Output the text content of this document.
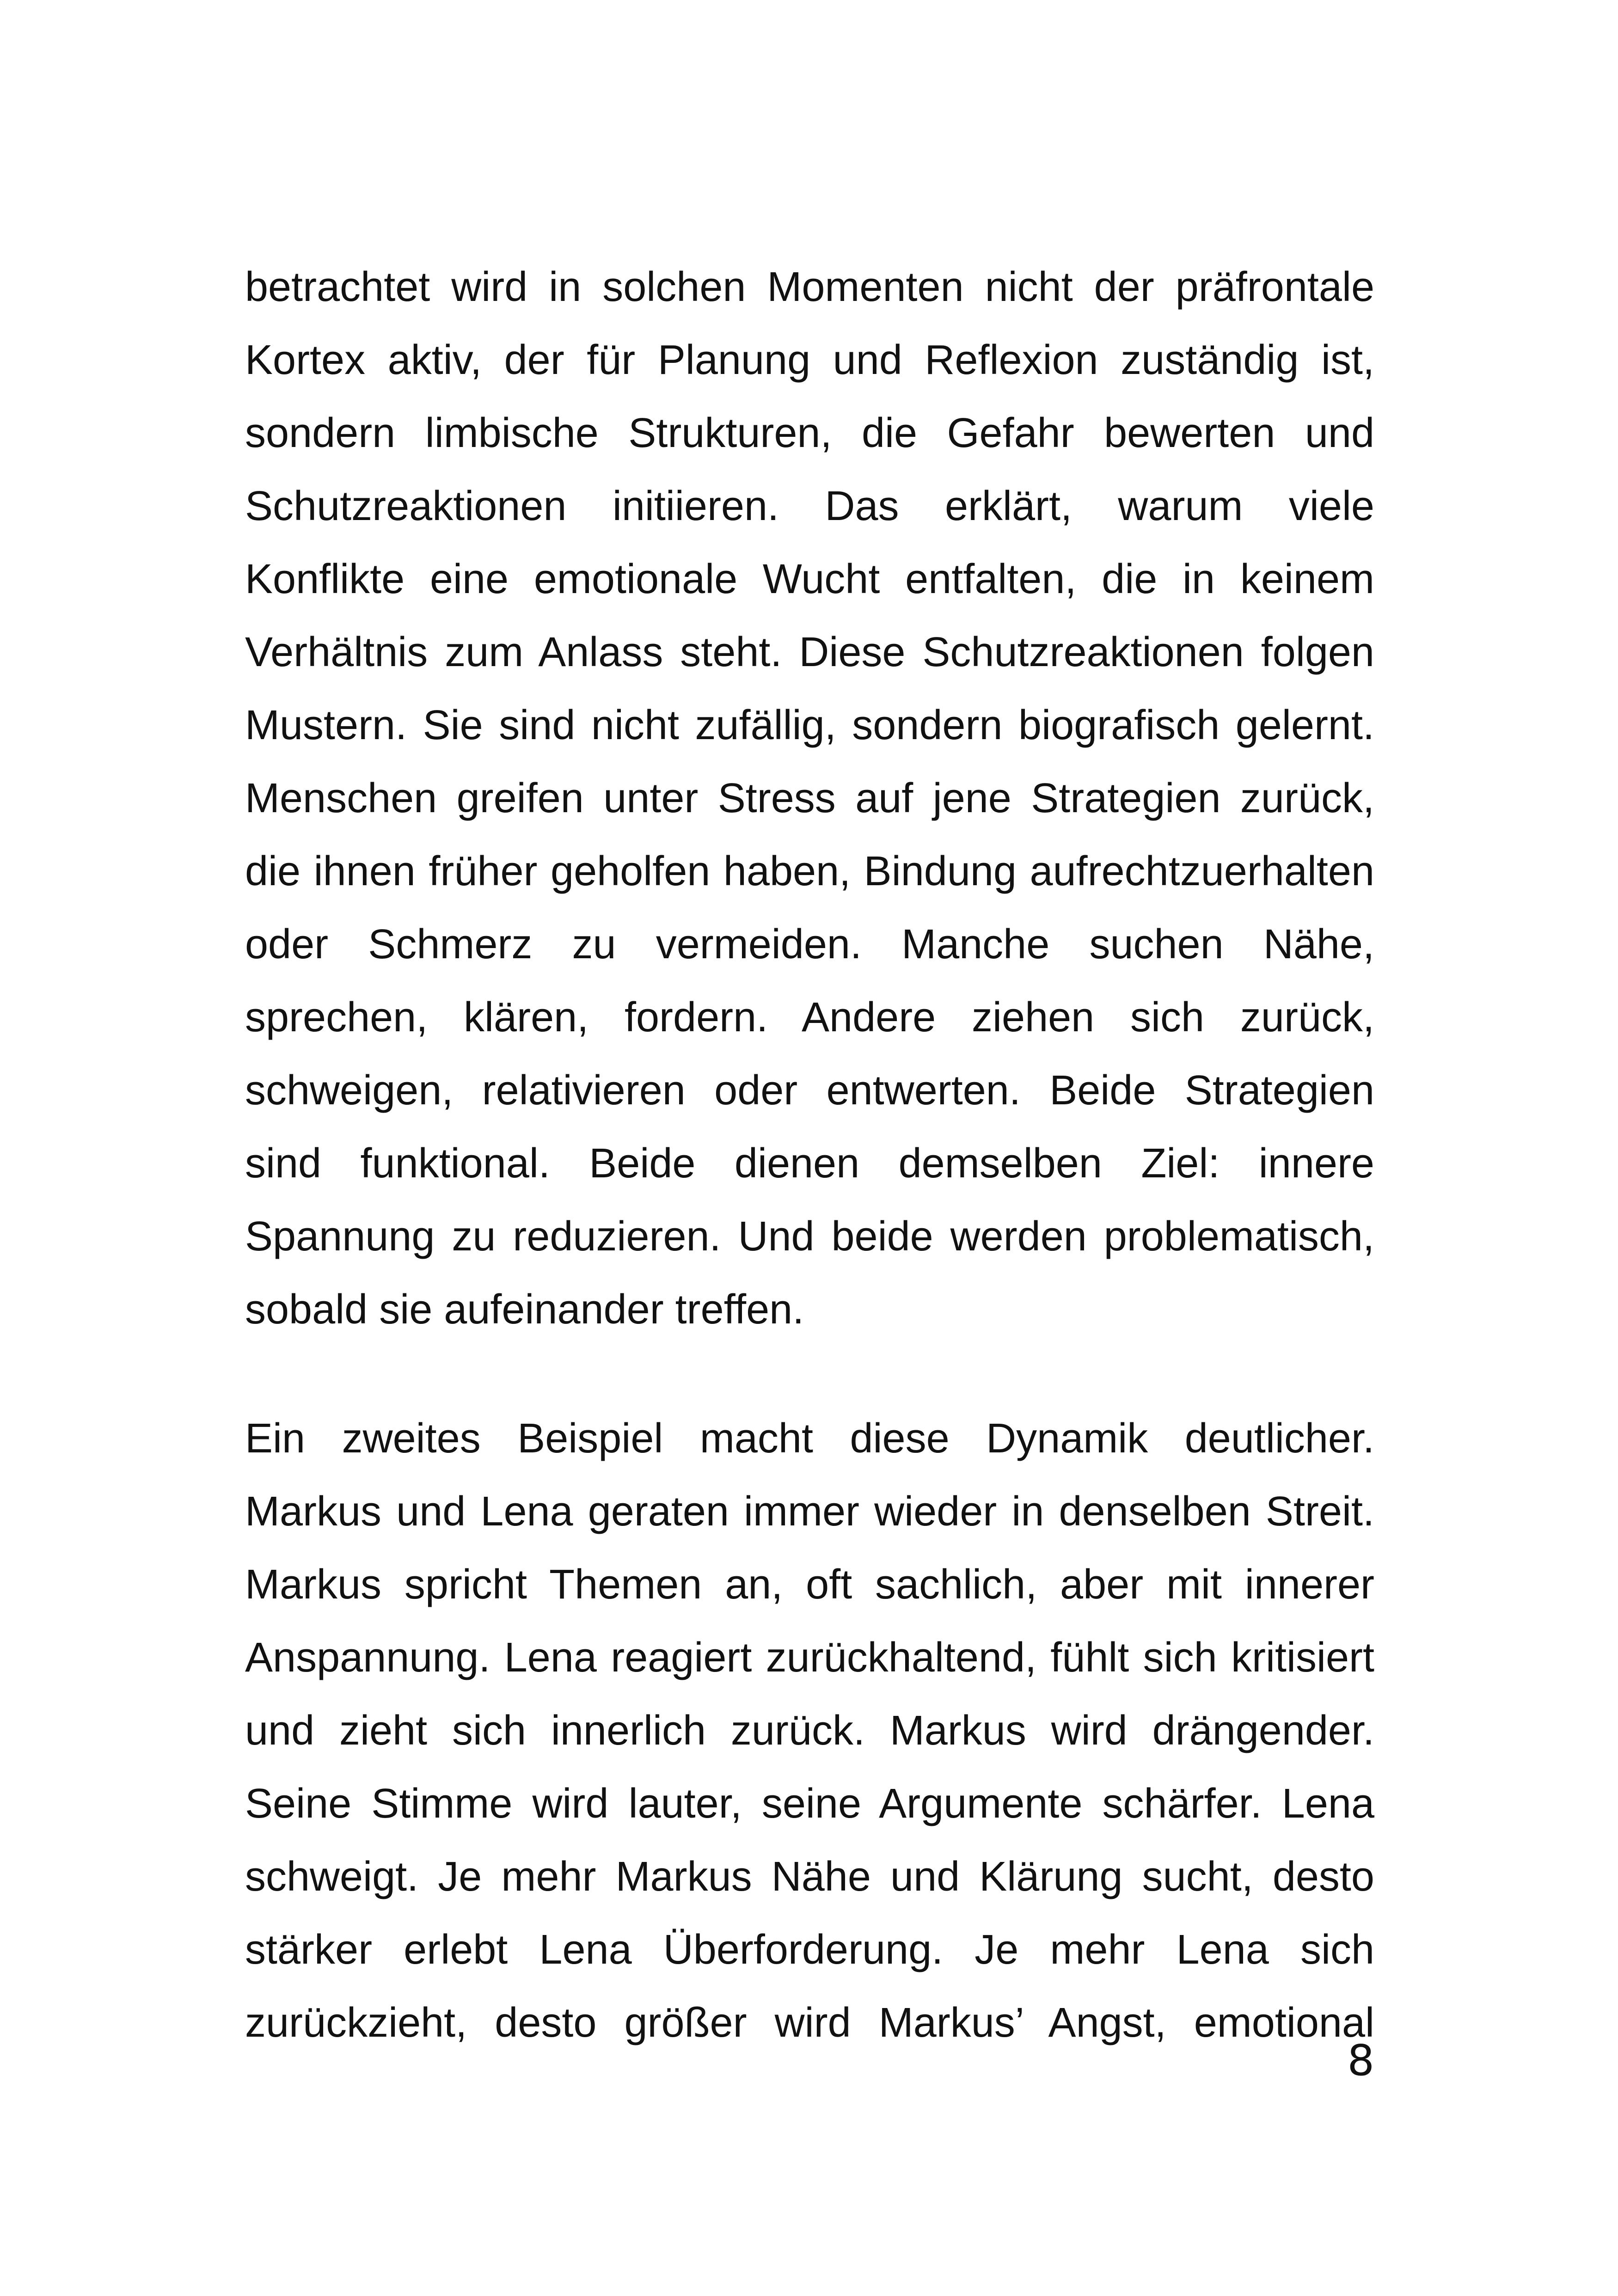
betrachtet wird in solchen Momenten nicht der präfrontale
Kortex aktiv, der für Planung und Reflexion zuständig ist,
sondern limbische Strukturen, die Gefahr bewerten und
Schutzreaktionen initiieren. Das erklärt, warum viele
Konflikte eine emotionale Wucht entfalten, die in keinem
Verhältnis zum Anlass steht. Diese Schutzreaktionen folgen
Mustern. Sie sind nicht zufällig, sondern biografisch gelernt.
Menschen greifen unter Stress auf jene Strategien zurück,
die ihnen früher geholfen haben, Bindung aufrechtzuerhalten
oder Schmerz zu vermeiden. Manche suchen Nähe,
sprechen, klären, fordern. Andere ziehen sich zurück,
schweigen, relativieren oder entwerten. Beide Strategien
sind funktional. Beide dienen demselben Ziel: innere
Spannung zu reduzieren. Und beide werden problematisch,
sobald sie aufeinander treffen.
Ein zweites Beispiel macht diese Dynamik deutlicher.
Markus und Lena geraten immer wieder in denselben Streit.
Markus spricht Themen an, oft sachlich, aber mit innerer
Anspannung. Lena reagiert zurückhaltend, fühlt sich kritisiert
und zieht sich innerlich zurück. Markus wird drängender.
Seine Stimme wird lauter, seine Argumente schärfer. Lena
schweigt. Je mehr Markus Nähe und Klärung sucht, desto
stärker erlebt Lena Überforderung. Je mehr Lena sich
zurückzieht, desto größer wird Markus’ Angst, emotional
8
